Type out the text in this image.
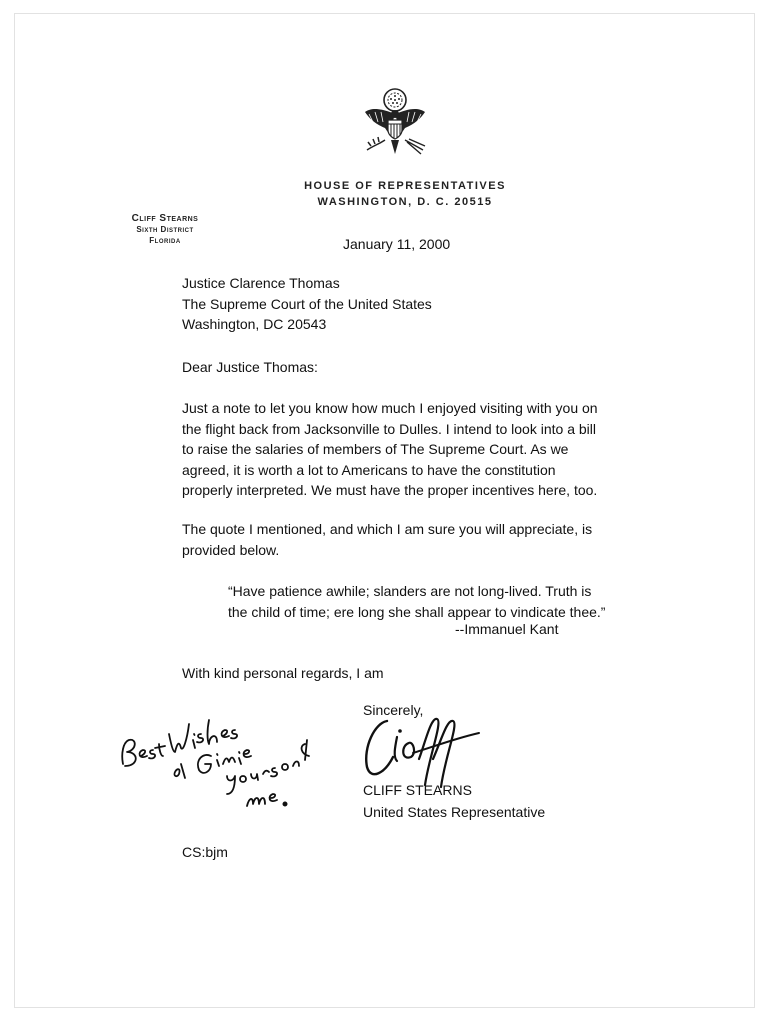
HOUSE OF REPRESENTATIVES
WASHINGTON, D. C. 20515
Cliff Stearns
Sixth District
Florida	January 11, 2000
Justice Clarence Thomas
The Supreme Court of the United States
Washington, DC 20543
Dear Justice Thomas:
Just a note to let you know how much I enjoyed visiting with you on
the flight back from Jacksonville to Dulles. I intend to look into a bill
to raise the salaries of members of The Supreme Court. As we
agreed, it is worth a lot to Americans to have the constitution
properly interpreted. We must have the proper incentives here, too.
The quote I mentioned, and which I am sure you will appreciate, is
provided below.
“Have patience awhile; slanders are not long-lived. Truth is
the child of time; ere long she shall appear to vindicate thee.”
--Immanuel Kant
With kind personal regards, I am
Sincerely,
CLIFF STEARNS
United States Representative
CS:bjm
